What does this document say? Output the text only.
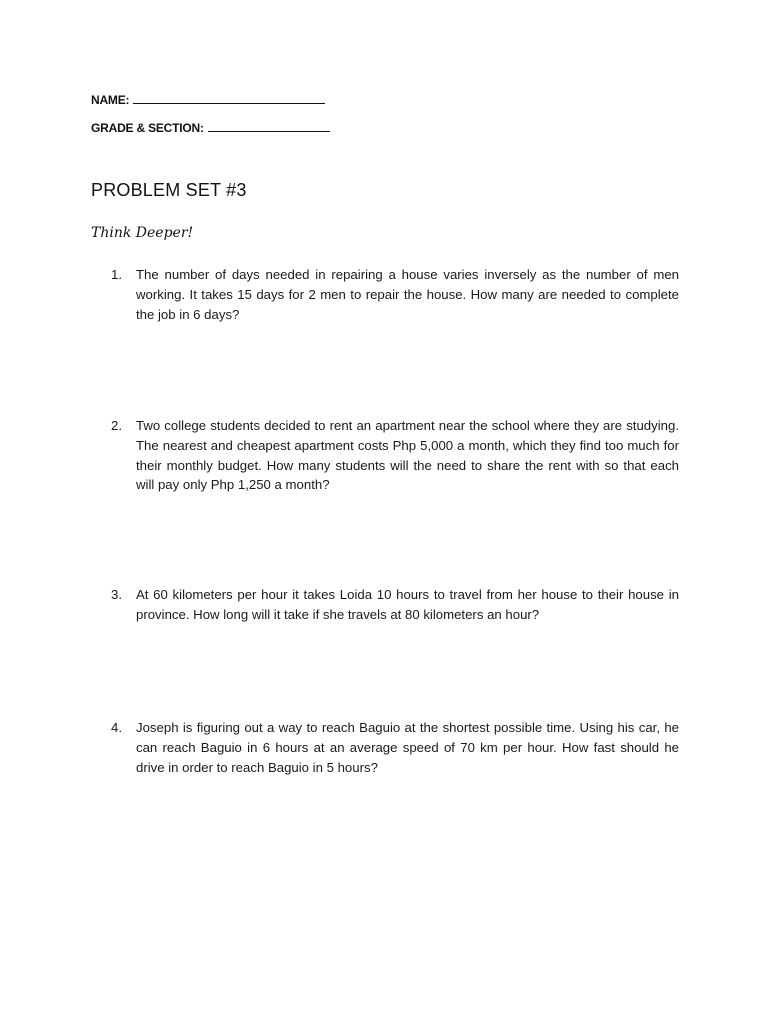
NAME:
GRADE & SECTION:
PROBLEM SET #3

Think Deeper!

1.	The number of days needed in repairing a house varies inversely as the number of men working. It takes 15 days for 2 men to repair the house. How many are needed to complete the job in 6 days?
2.	Two college students decided to rent an apartment near the school where they are studying. The nearest and cheapest apartment costs Php 5,000 a month, which they find too much for their monthly budget. How many students will the need to share the rent with so that each will pay only Php 1,250 a month?
3.	At 60 kilometers per hour it takes Loida 10 hours to travel from her house to their house in province. How long will it take if she travels at 80 kilometers an hour?
4.	Joseph is figuring out a way to reach Baguio at the shortest possible time. Using his car, he can reach Baguio in 6 hours at an average speed of 70 km per hour. How fast should he drive in order to reach Baguio in 5 hours?
